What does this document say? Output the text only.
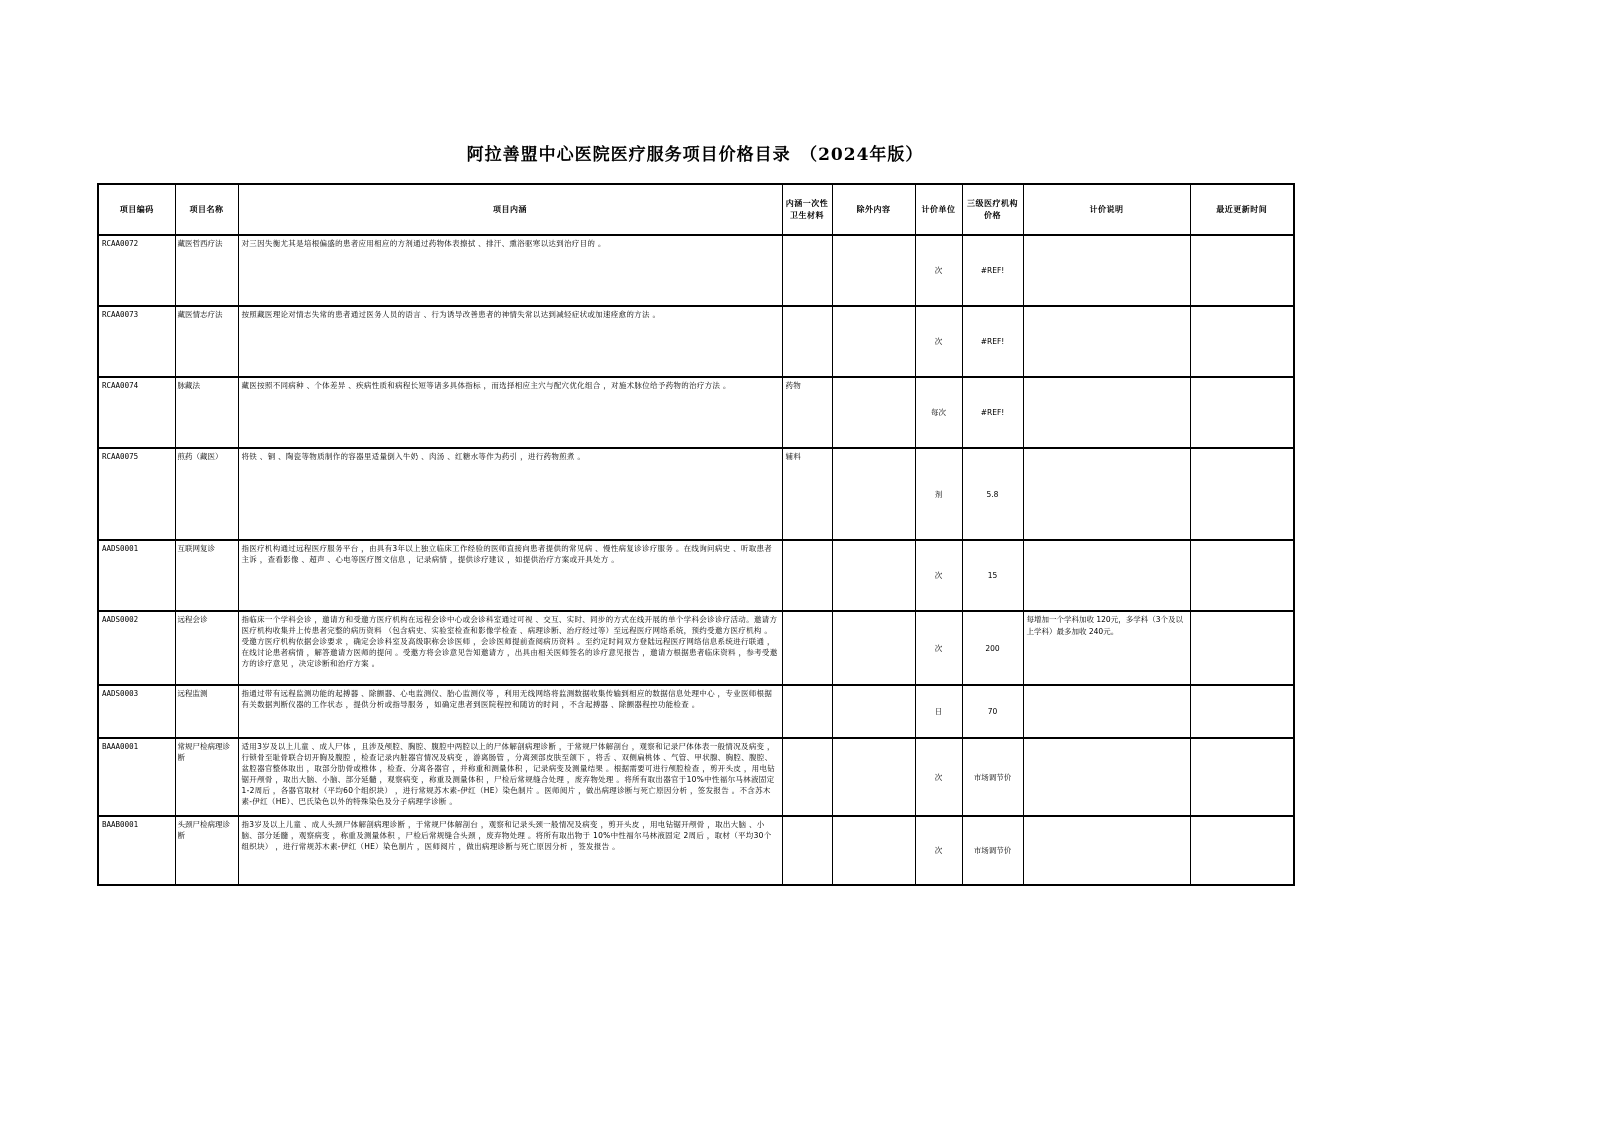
阿拉善盟中心医院医疗服务项目价格目录　（2024年版）
项目编码	项目名称	项目内涵	内涵一次性卫生材料	除外内容	计价单位	三级医疗机构价格	计价说明	最近更新时间
RCAA0072	藏医哲西疗法	对三因失衡尤其是培根偏盛的患者应用相应的方剂通过药物体表擦拭 、排汗、熏浴驱寒以达到治疗目的 。			次	#REF!		
RCAA0073	藏医情志疗法	按照藏医理论对情志失常的患者通过医务人员的语言 、行为诱导改善患者的神情失常以达到减轻症状或加速痊愈的方法 。			次	#REF!		
RCAA0074	脉藏法	藏医按照不同病种 、个体差异 、疾病性质和病程长短等诸多具体指标 ，而选择相应主穴与配穴优化组合 ，对施术脉位给予药物的治疗方法 。	药物		每次	#REF!		
RCAA0075	煎药（藏医）	将铁 、铜 、陶瓷等物质制作的容器里适量倒入牛奶 、肉汤 、红糖水等作为药引 ，进行药物煎煮 。	辅料		剂	5.8		
AADS0001	互联网复诊	指医疗机构通过远程医疗服务平台 ，由具有3年以上独立临床工作经验的医师直接向患者提供的常见病 、慢性病复诊诊疗服务 。在线询问病史 、听取患者主诉 ，查看影像 、超声 、心电等医疗图文信息 ，记录病情 ，提供诊疗建议 ，如提供治疗方案或开具处方 。			次	15		
AADS0002	远程会诊	指临床一个学科会诊 ，邀请方和受邀方医疗机构在远程会诊中心或会诊科室通过可视 、交互、实时、同步的方式在线开展的单个学科会诊诊疗活动。邀请方医疗机构收集并上传患者完整的病历资料 （包含病史、实验室检查和影像学检查 、病理诊断、治疗经过等）至远程医疗网络系统，预约受邀方医疗机构 。受邀方医疗机构依据会诊要求 ，确定会诊科室及高级职称会诊医师 ，会诊医师提前查阅病历资料 。至约定时间双方登陆远程医疗网络信息系统进行联通 ，在线讨论患者病情 ，解答邀请方医师的提问 。受邀方将会诊意见告知邀请方 ，出具由相关医师签名的诊疗意见报告 ，邀请方根据患者临床资料 ，参考受邀方的诊疗意见 ，决定诊断和治疗方案 。			次	200	每增加一个学科加收 120元，多学科（3个及以上学科）最多加收 240元。	
AADS0003	远程监测	指通过带有远程监测功能的起搏器 、除颤器、心电监测仪、胎心监测仪等 ，利用无线网络将监测数据收集传输到相应的数据信息处理中心 ，专业医师根据有关数据判断仪器的工作状态 ，提供分析或指导服务 ，如确定患者到医院程控和随访的时间 ，不含起搏器 、除颤器程控功能检查 。			日	70		
BAAA0001	常规尸检病理诊断	适用3岁及以上儿童 、成人尸体 ，且涉及颅腔、胸腔、腹腔中两腔以上的尸体解剖病理诊断 ，于常规尸体解剖台 ，观察和记录尸体体表一般情况及病变 ，行锁骨至耻骨联合切开胸及腹腔 ，检查记录内脏器官情况及病变 ，游离肠管 ，分离颈部皮肤至颌下 ，将舌 、双侧扁桃体 、气管、甲状腺、胸腔、腹腔、盆腔器官整体取出 ，取部分肋骨或椎体 ，检查、分离各器官 ，并称重和测量体积 ，记录病变及测量结果 。根据需要可进行颅腔检查 ，剪开头皮 ，用电钻锯开颅骨 ，取出大脑、小脑、部分延髓 ，观察病变 ，称重及测量体积 ，尸检后常规缝合处理 ，废弃物处理 。将所有取出器官于10%中性福尔马林液固定 1-2周后 ，各器官取材（平均60个组织块） ，进行常规苏木素-伊红（HE）染色制片 。医师阅片 ，做出病理诊断与死亡原因分析 ，签发报告 。不含苏木素-伊红（HE）、巴氏染色以外的特殊染色及分子病理学诊断 。			次	市场调节价		
BAAB0001	头颈尸检病理诊断	指3岁及以上儿童 、成人头颈尸体解剖病理诊断 ，于常规尸体解剖台 ，观察和记录头颈一般情况及病变 ，剪开头皮 ，用电钻锯开颅骨 ，取出大脑 、小脑、部分延髓 ，观察病变 ，称重及测量体积 ，尸检后常规缝合头颈 ，废弃物处理 。将所有取出物于 10%中性福尔马林液固定 2周后 ，取材（平均30个组织块） ，进行常规苏木素-伊红（HE）染色制片 ，医师阅片 ，做出病理诊断与死亡原因分析 ，签发报告 。			次	市场调节价		
